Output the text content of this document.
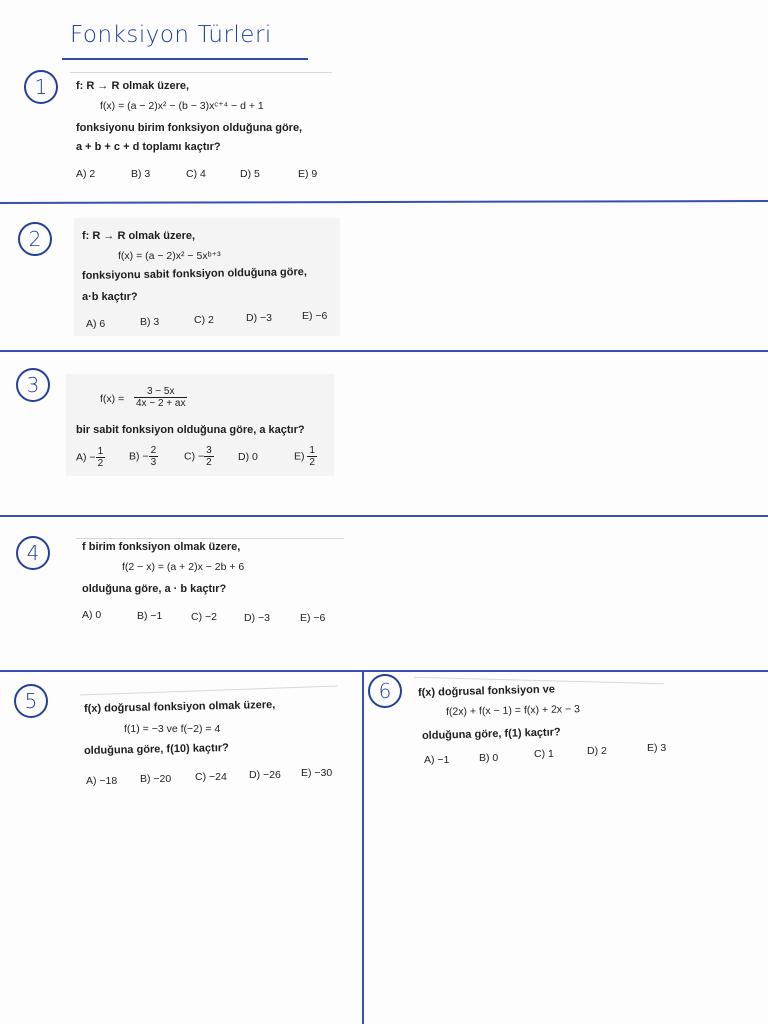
Fonksiyon Türleri
1	f: R → R olmak üzere,
f(x) = (a − 2)x² − (b − 3)xᶜ⁺⁴ − d + 1
fonksiyonu birim fonksiyon olduğuna göre,
a + b + c + d toplamı kaçtır?
A) 2	B) 3	C) 4	D) 5	E) 9
2	f: R → R olmak üzere,
f(x) = (a − 2)x² − 5xᵇ⁺³
fonksiyonu sabit fonksiyon olduğuna göre,
a·b kaçtır?
A) 6	B) 3	C) 2	D) −3	E) −6
3
$f(x) = \frac{3 - 5x}{4x - 2 + ax}$
bir sabit fonksiyon olduğuna göre, a kaçtır?
$A) - \frac{1}{2} B) - \frac{2}{3} C) - \frac{3}{2} D$) 0	$E) \frac{1}{2}$
4	f birim fonksiyon olmak üzere,
f(2 − x) = (a + 2)x − 2b + 6
olduğuna göre, a · b kaçtır?
A) 0	B) −1	C) −2	D) −3	E) −6
5	f(x) doğrusal fonksiyon olmak üzere,
f(1) = −3 ve f(−2) = 4
olduğuna göre, f(10) kaçtır?
A) −18 B) −20 C) −24 D) −26 E) −30
6	f(x) doğrusal fonksiyon ve
f(2x) + f(x − 1) = f(x) + 2x − 3
olduğuna göre, f(1) kaçtır?
A) −1	B) 0	C) 1	D) 2	E) 3
